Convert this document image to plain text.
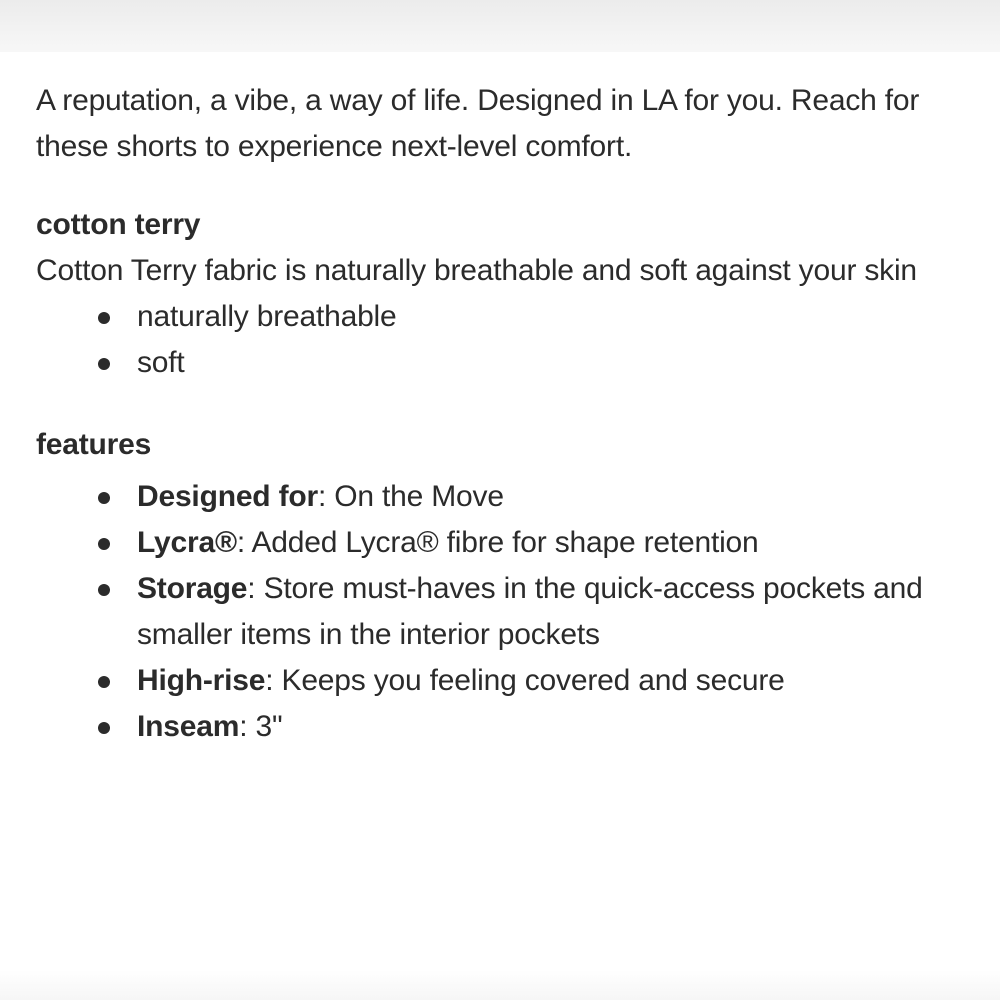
A reputation, a vibe, a way of life. Designed in LA for you. Reach for these shorts to experience next-level comfort.

cotton terry

Cotton Terry fabric is naturally breathable and soft against your skin

naturally breathable
soft

features

Designed for: On the Move
Lycra®: Added Lycra® fibre for shape retention
Storage: Store must-haves in the quick-access pockets and smaller items in the interior pockets
High-rise: Keeps you feeling covered and secure
Inseam: 3"
